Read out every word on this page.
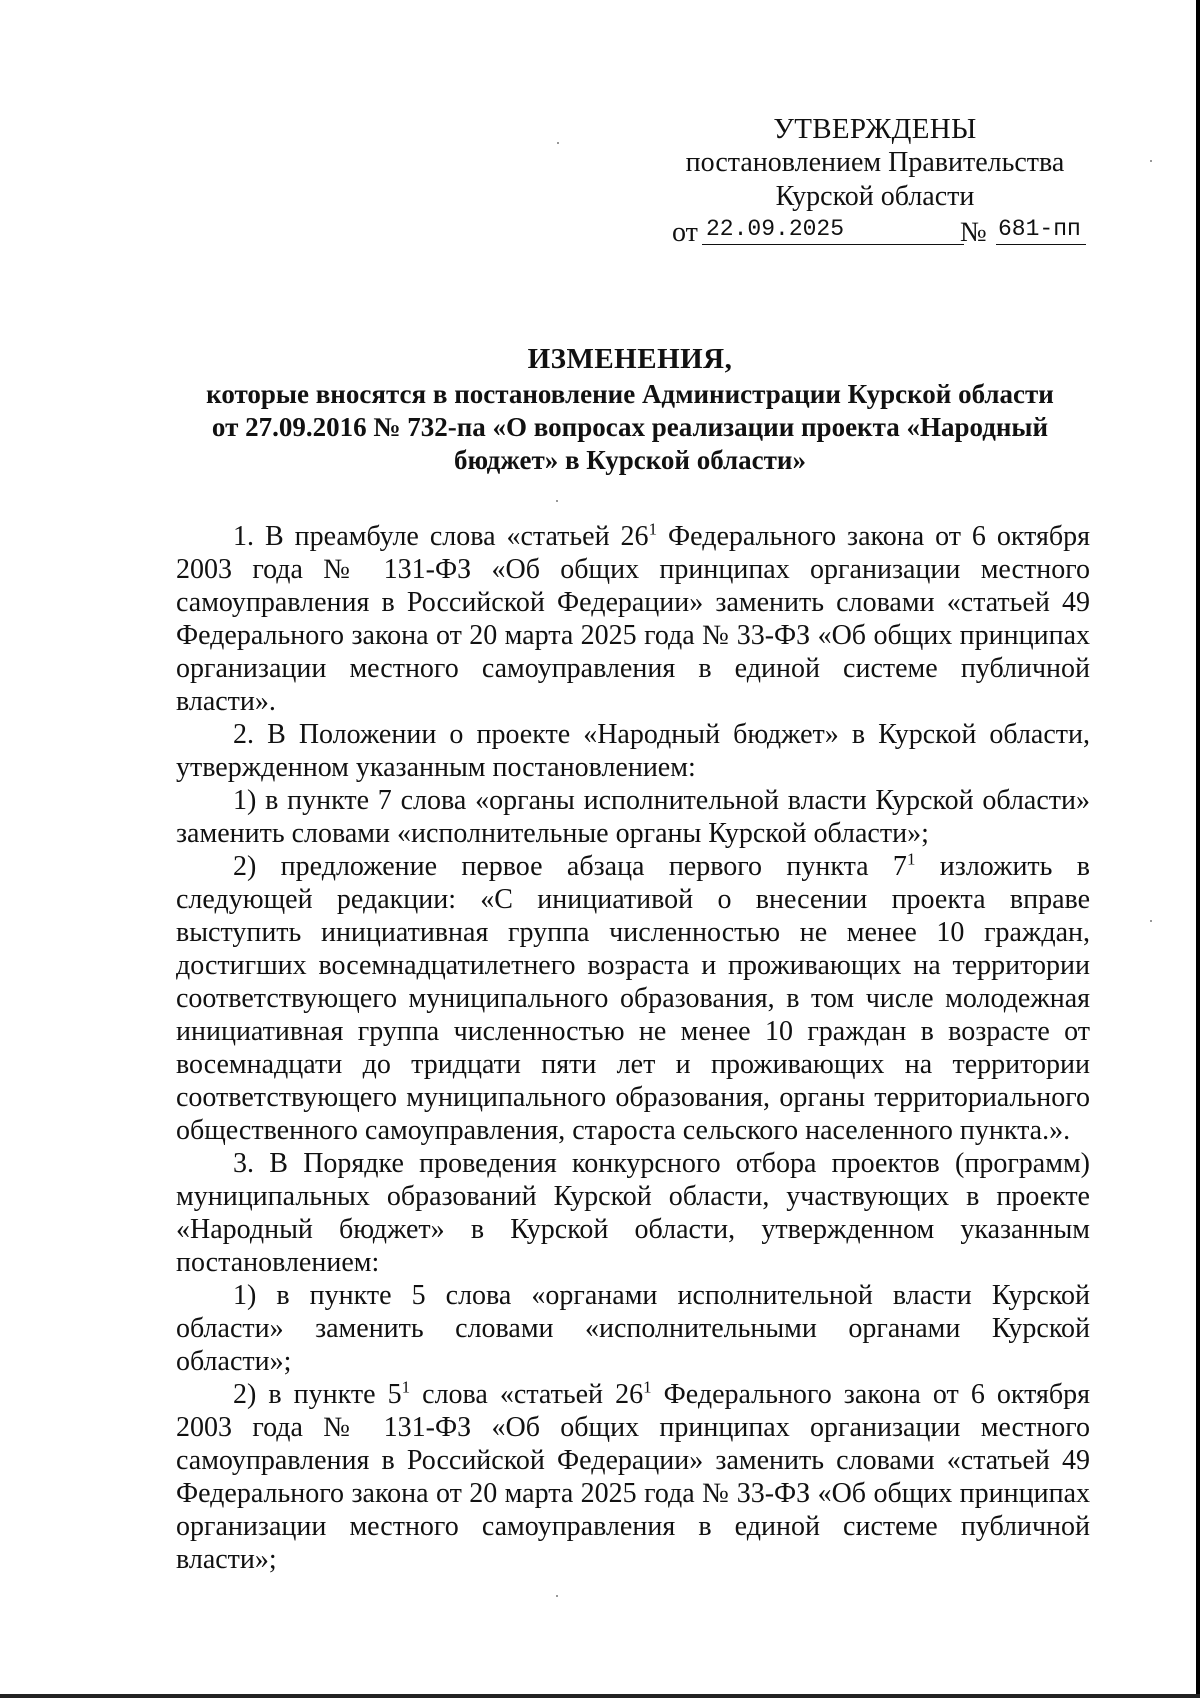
УТВЕРЖДЕНЫ
постановлением Правительства
Курской области
от 22.09.2025	№ 681-пп
ИЗМЕНЕНИЯ,
которые вносятся в постановление Администрации Курской области
от 27.09.2016 № 732-па «О вопросах реализации проекта «Народный
бюджет» в Курской области»

1. В преамбуле слова «статьей $26^1$ Федерального закона от 6 октября 2003 года № 131-ФЗ «Об общих принципах организации местного самоуправления в Российской Федерации» заменить словами «статьей 49 Федерального закона от 20 марта 2025 года № 33-ФЗ «Об общих принципах организации местного самоуправления в единой системе публичной власти».

2. В Положении о проекте «Народный бюджет» в Курской области, утвержденном указанным постановлением:

1) в пункте 7 слова «органы исполнительной власти Курской области» заменить словами «исполнительные органы Курской области»;

2) предложение первое абзаца первого пункта $7^1$ изложить в следующей редакции: «С инициативой о внесении проекта вправе выступить инициативная группа численностью не менее 10 граждан, достигших восемнадцатилетнего возраста и проживающих на территории соответствующего муниципального образования, в том числе молодежная инициативная группа численностью не менее 10 граждан в возрасте от восемнадцати до тридцати пяти лет и проживающих на территории соответствующего муниципального образования, органы территориального общественного самоуправления, староста сельского населенного пункта.».

3. В Порядке проведения конкурсного отбора проектов (программ) муниципальных образований Курской области, участвующих в проекте «Народный бюджет» в Курской области, утвержденном указанным постановлением:

1) в пункте 5 слова «органами исполнительной власти Курской области» заменить словами «исполнительными органами Курской области»;

2) в пункте $5^1$ слова «статьей $26^1$ Федерального закона от 6 октября 2003 года № 131-ФЗ «Об общих принципах организации местного самоуправления в Российской Федерации» заменить словами «статьей 49 Федерального закона от 20 марта 2025 года № 33-ФЗ «Об общих принципах организации местного самоуправления в единой системе публичной власти»;
